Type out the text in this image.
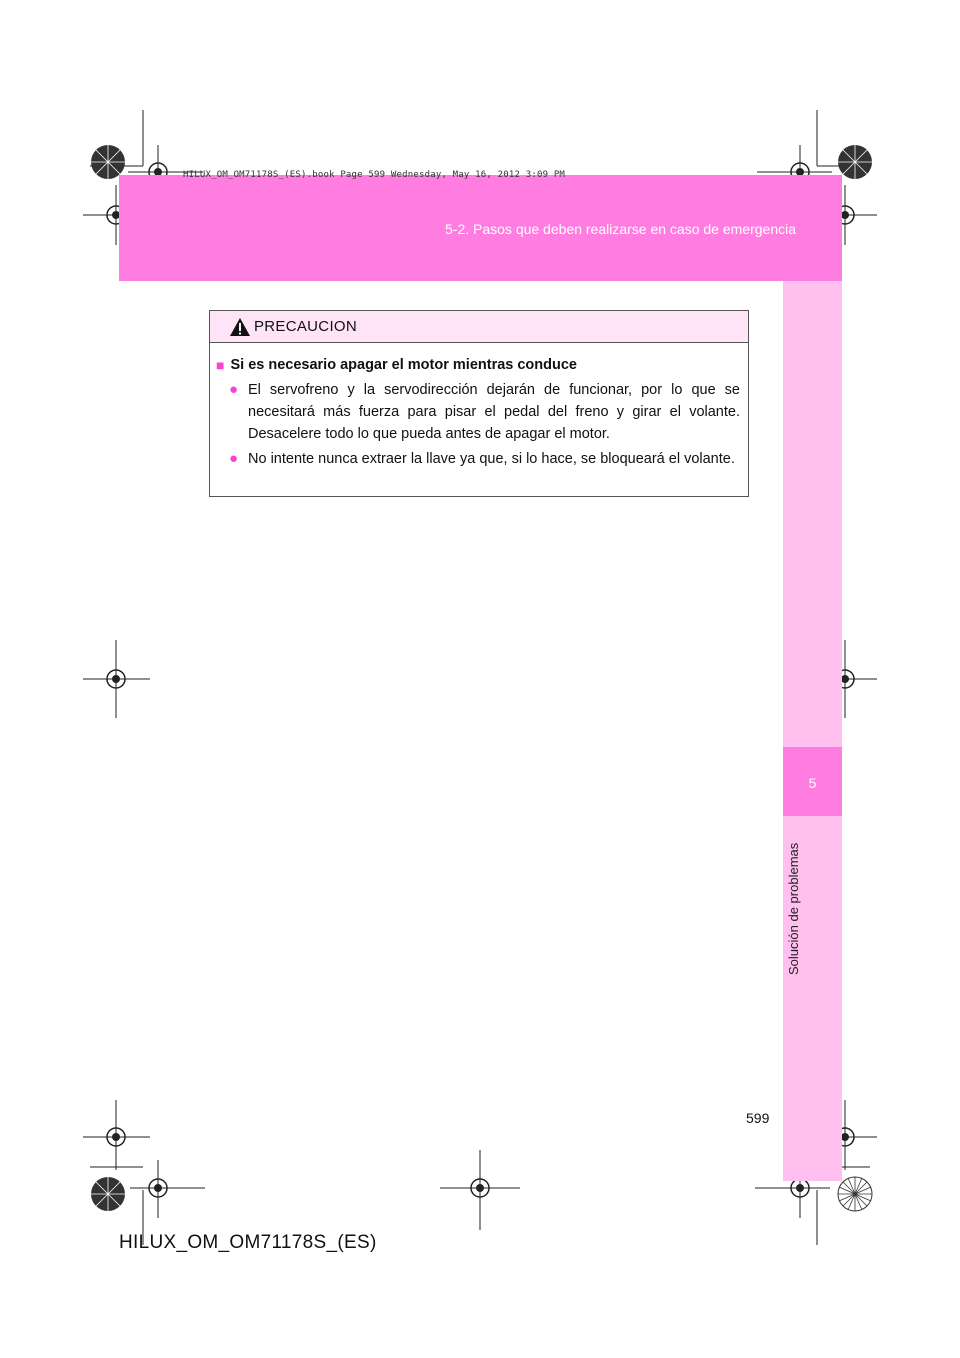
HILUX_OM_OM71178S_(ES).book Page 599 Wednesday, May 16, 2012 3:09 PM
5-2. Pasos que deben realizarse en caso de emergencia
5
Solución de problemas
PRECAUCION
■ Si es necesario apagar el motor mientras conduce
● El servofreno y la servodirección dejarán de funcionar, por lo que se necesitará más fuerza para pisar el pedal del freno y girar el volante. Desacelere todo lo que pueda antes de apagar el motor.
● No intente nunca extraer la llave ya que, si lo hace, se bloqueará el volante.
599
HILUX_OM_OM71178S_(ES)
